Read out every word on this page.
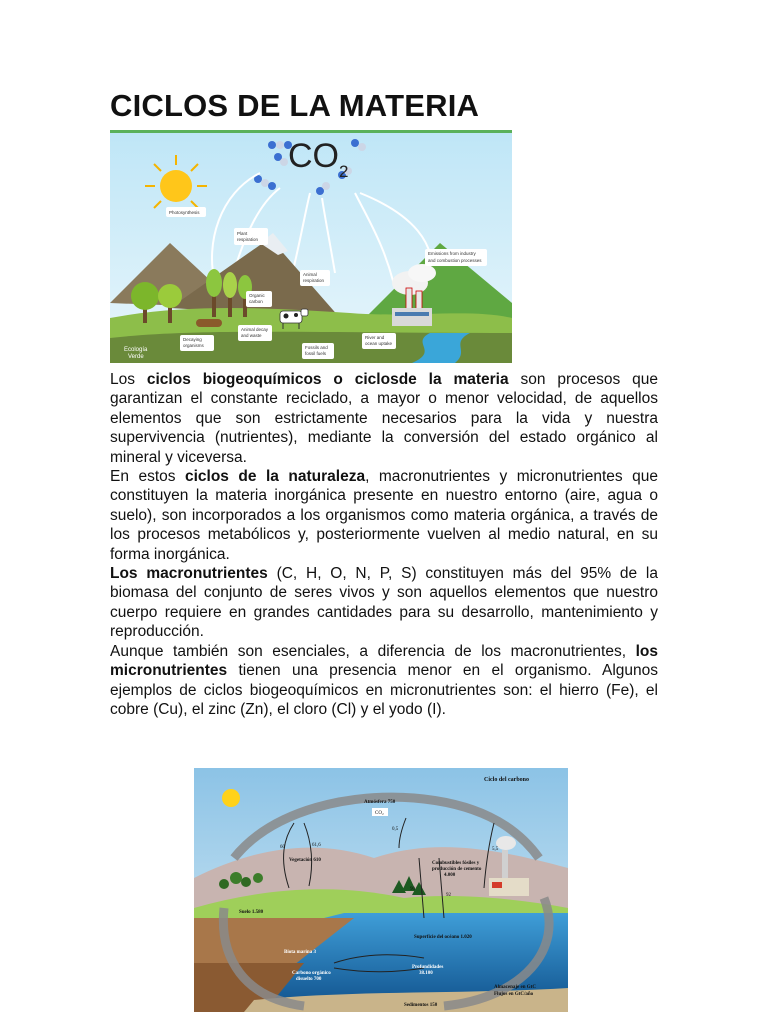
CICLOS DE LA MATERIA
CO 2
Photosynthesis
Plant
respiration
Organic
carbon
Animal
respiration
Emissions from industry
and combustion processes
Decaying
organisms
Animal decay
and waste
Fossils and
fossil fuels
River and
ocean uptake
Ecología
Verde

Los ciclos biogeoquímicos o ciclosde la materia son procesos que garantizan el constante reciclado, a mayor o menor velocidad, de aquellos elementos que son estrictamente necesarios para la vida y nuestra supervivencia (nutrientes), mediante la conversión del estado orgánico al mineral y viceversa.

En estos ciclos de la naturaleza, macronutrientes y micronutrientes que constituyen la materia inorgánica presente en nuestro entorno (aire, agua o suelo), son incorporados a los organismos como materia orgánica, a través de los procesos metabólicos y, posteriormente vuelven al medio natural, en su forma inorgánica.

Los macronutrientes (C, H, O, N, P, S) constituyen más del 95% de la biomasa del conjunto de seres vivos y son aquellos elementos que nuestro cuerpo requiere en grandes cantidades para su desarrollo, mantenimiento y reproducción.

Aunque también son esenciales, a diferencia de los macronutrientes, los micronutrientes tienen una presencia menor en el organismo. Algunos ejemplos de ciclos biogeoquímicos en micronutrientes son: el hierro (Fe), el cobre (Cu), el zinc (Zn), el cloro (Cl) y el yodo (I).

Ciclo del carbono
Atmósfera 750
CO₂
Vegetación 610
Suelo 1.580
Combustibles fósiles y
producción de cemento
4.000
Superficie del océano 1.020
Biota marina 3
Carbono orgánico
disuelto 700
Profundidades
38.100
Sedimentos 150
Almacenaje en GtC
Flujos en GtC/año
60	61,6
5,5
90
92
0,5
